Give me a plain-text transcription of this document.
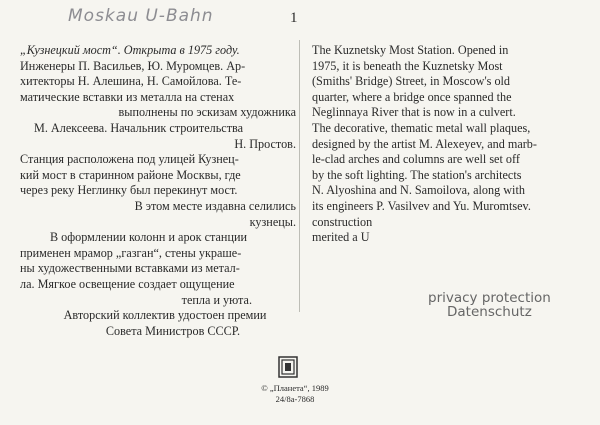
Moskau U-Bahn	1
„Кузнецкий мост“. Открыта в 1975 году.
Инженеры П. Васильев, Ю. Муромцев. Ар-
хитекторы Н. Алешина, Н. Самойлова. Те-
матические вставки из металла на стенах
выполнены по эскизам художника
М. Алексеева. Начальник строительства
Н. Простов.
Станция расположена под улицей Кузнец-
кий мост в старинном районе Москвы, где
через реку Неглинку был перекинут мост.
В этом месте издавна селились
кузнецы.
В оформлении колонн и арок станции
применен мрамор „газган“, стены украше-
ны художественными вставками из метал-
ла. Мягкое освещение создает ощущение
тепла и уюта.
Авторский коллектив удостоен премии
Совета Министров СССР.
The Kuznetsky Most Station. Opened in
1975, it is beneath the Kuznetsky Most
(Smiths' Bridge) Street, in Moscow's old
quarter, where a bridge once spanned the
Neglinnaya River that is now in a culvert.
The decorative, thematic metal wall plaques,
designed by the artist M. Alexeyev, and marb-
le-clad arches and columns are well set off
by the soft lighting. The station's architects
N. Alyoshina and N. Samoilova, along with
its engineers P. Vasilvev and Yu. Muromtsev.
construction
merited a U
privacy protection
Datenschutz
© „Планета“, 1989
24/8а-7868
